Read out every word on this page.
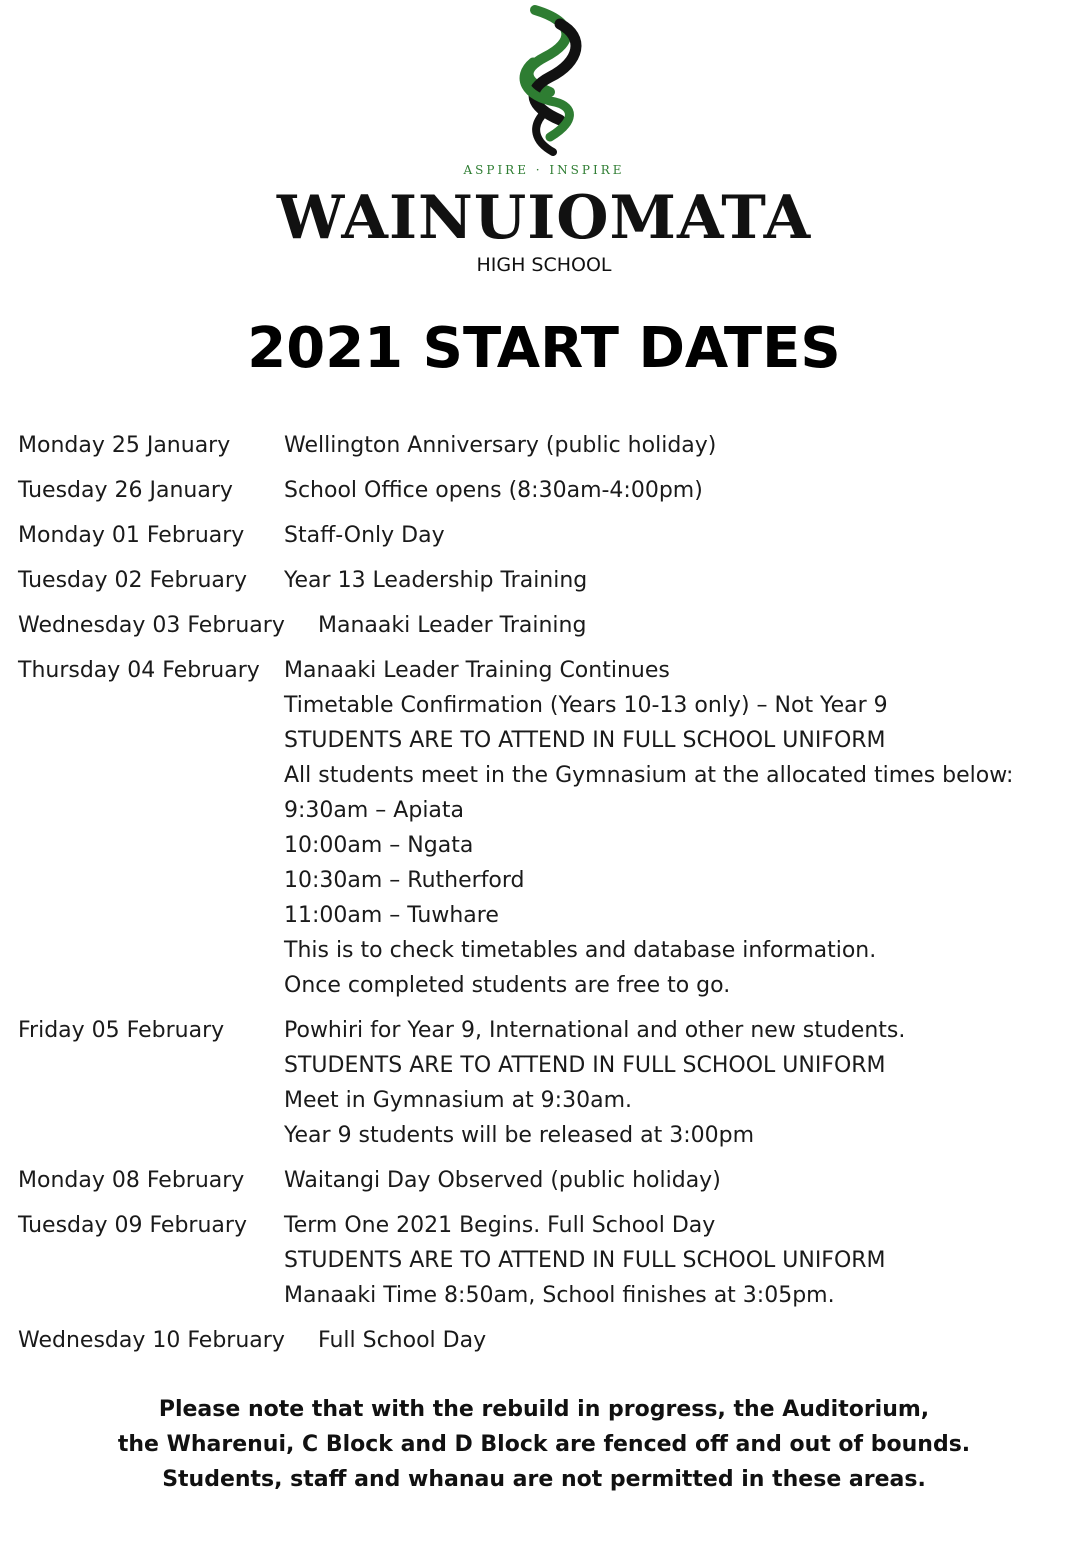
ASPIRE · INSPIRE
WAINUIOMATA
HIGH SCHOOL
2021 START DATES
Monday 25 January	Wellington Anniversary (public holiday)
Tuesday 26 January	School Office opens (8:30am-4:00pm)
Monday 01 February	Staff-Only Day
Tuesday 02 February	Year 13 Leadership Training
Wednesday 03 February	Manaaki Leader Training
Thursday 04 February	Manaaki Leader Training Continues
Timetable Confirmation (Years 10-13 only) – Not Year 9
STUDENTS ARE TO ATTEND IN FULL SCHOOL UNIFORM
All students meet in the Gymnasium at the allocated times below:
9:30am – Apiata
10:00am – Ngata
10:30am – Rutherford
11:00am – Tuwhare
This is to check timetables and database information.
Once completed students are free to go.
Friday 05 February	Powhiri for Year 9, International and other new students.
STUDENTS ARE TO ATTEND IN FULL SCHOOL UNIFORM
Meet in Gymnasium at 9:30am.
Year 9 students will be released at 3:00pm
Monday 08 February	Waitangi Day Observed (public holiday)
Tuesday 09 February	Term One 2021 Begins. Full School Day
STUDENTS ARE TO ATTEND IN FULL SCHOOL UNIFORM
Manaaki Time 8:50am, School finishes at 3:05pm.
Wednesday 10 February	Full School Day
Please note that with the rebuild in progress, the Auditorium,
the Wharenui, C Block and D Block are fenced off and out of bounds.
Students, staff and whanau are not permitted in these areas.
